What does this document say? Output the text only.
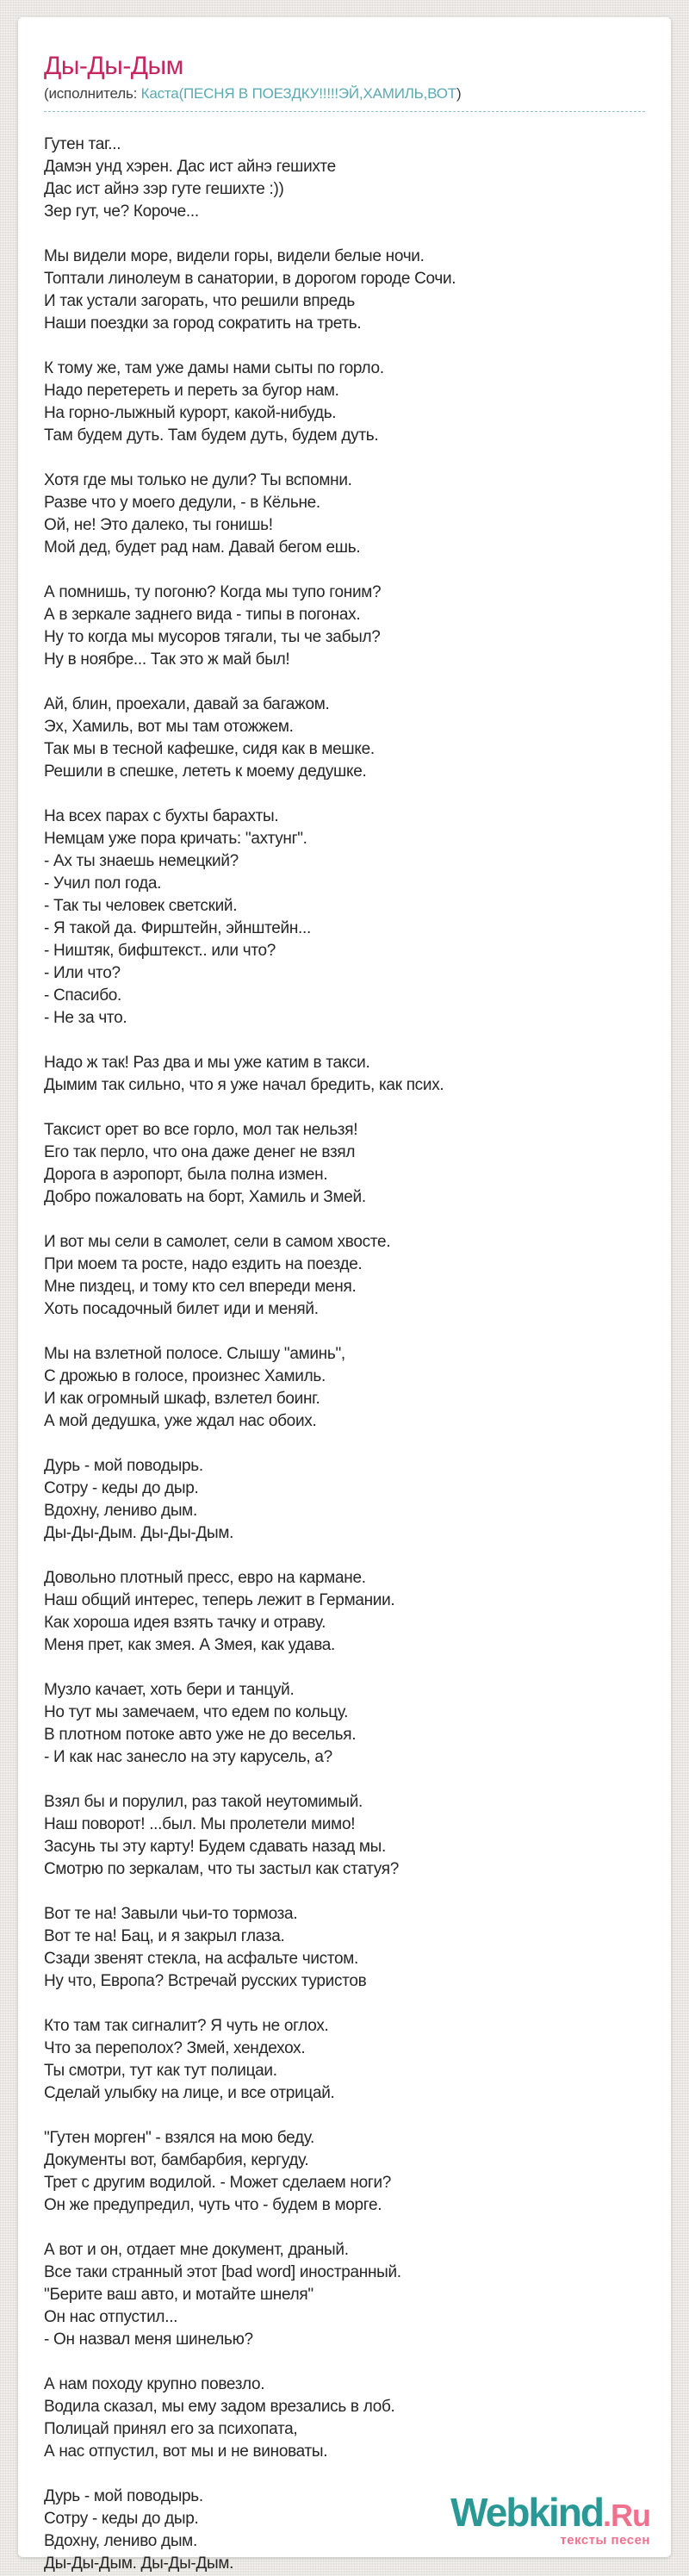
Ды-Ды-Дым
(исполнитель: Каста(ПЕСНЯ В ПОЕЗДКУ!!!!!ЭЙ,ХАМИЛЬ,ВОТ)

Гутен таг...
Дамэн унд хэрен. Дас ист айнэ гешихте
Дас ист айнэ зэр гуте гешихте :))
Зер гут, че? Короче...

Мы видели море, видели горы, видели белые ночи.
Топтали линолеум в санатории, в дорогом городе Сочи.
И так устали загорать, что решили впредь
Наши поездки за город сократить на треть.

К тому же, там уже дамы нами сыты по горло.
Надо перетереть и переть за бугор нам.
На горно-лыжный курорт, какой-нибудь.
Там будем дуть. Там будем дуть, будем дуть.

Хотя где мы только не дули? Ты вспомни.
Разве что у моего дедули, - в Кёльне.
Ой, не! Это далеко, ты гонишь!
Мой дед, будет рад нам. Давай бегом ешь.

А помнишь, ту погоню? Когда мы тупо гоним?
А в зеркале заднего вида - типы в погонах.
Ну то когда мы мусоров тягали, ты че забыл?
Ну в ноябре... Так это ж май был!

Ай, блин, проехали, давай за багажом.
Эх, Хамиль, вот мы там отожжем.
Так мы в тесной кафешке, сидя как в мешке.
Решили в спешке, лететь к моему дедушке.

На всех парах с бухты барахты.
Немцам уже пора кричать: "ахтунг".
- Ах ты знаешь немецкий?
- Учил пол года.
- Так ты человек светский.
- Я такой да. Фирштейн, эйнштейн...
- Ништяк, бифштекст.. или что?
- Или что?
- Спасибо.
- Не за что.

Надо ж так! Раз два и мы уже катим в такси.
Дымим так сильно, что я уже начал бредить, как псих.

Таксист орет во все горло, мол так нельзя!
Его так перло, что она даже денег не взял
Дорога в аэропорт, была полна измен.
Добро пожаловать на борт, Хамиль и Змей.

И вот мы сели в самолет, сели в самом хвосте.
При моем та росте, надо ездить на поезде.
Мне пиздец, и тому кто сел впереди меня.
Хоть посадочный билет иди и меняй.

Мы на взлетной полосе. Слышу "аминь",
С дрожью в голосе, произнес Хамиль.
И как огромный шкаф, взлетел боинг.
А мой дедушка, уже ждал нас обоих.

Дурь - мой поводырь.
Сотру - кеды до дыр.
Вдохну, лениво дым.
Ды-Ды-Дым. Ды-Ды-Дым.

Довольно плотный пресс, евро на кармане.
Наш общий интерес, теперь лежит в Германии.
Как хороша идея взять тачку и отраву.
Меня прет, как змея. А Змея, как удава.

Музло качает, хоть бери и танцуй.
Но тут мы замечаем, что едем по кольцу.
В плотном потоке авто уже не до веселья.
- И как нас занесло на эту карусель, а?

Взял бы и порулил, раз такой неутомимый.
Наш поворот! ...был. Мы пролетели мимо!
Засунь ты эту карту! Будем сдавать назад мы.
Смотрю по зеркалам, что ты застыл как статуя?

Вот те на! Завыли чьи-то тормоза.
Вот те на! Бац, и я закрыл глаза.
Сзади звенят стекла, на асфальте чистом.
Ну что, Европа? Встречай русских туристов

Кто там так сигналит? Я чуть не оглох.
Что за переполох? Змей, хендехох.
Ты смотри, тут как тут полицаи.
Сделай улыбку на лице, и все отрицай.

"Гутен морген" - взялся на мою беду.
Документы вот, бамбарбия, кергуду.
Трет с другим водилой. - Может сделаем ноги?
Он же предупредил, чуть что - будем в морге.

А вот и он, отдает мне документ, драный.
Все таки странный этот [bad word] иностранный.
"Берите ваш авто, и мотайте шнеля"
Он нас отпустил...
- Он назвал меня шинелью?

А нам походу крупно повезло.
Водила сказал, мы ему задом врезались в лоб.
Полицай принял его за психопата,
А нас отпустил, вот мы и не виноваты.

Дурь - мой поводырь.
Сотру - кеды до дыр.
Вдохну, лениво дым.
Ды-Ды-Дым. Ды-Ды-Дым.

Webkind.Ru
тексты песен
